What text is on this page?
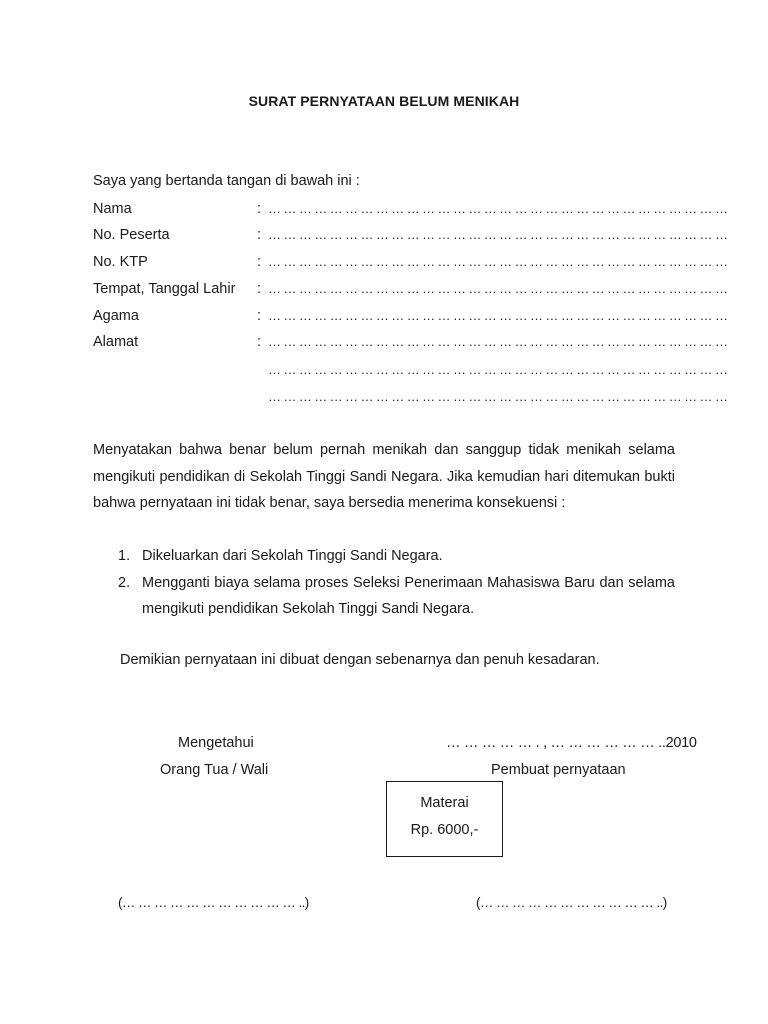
SURAT PERNYATAAN BELUM MENIKAH
Saya yang bertanda tangan di bawah ini :
Nama	: … … … … … … … … … … … … … … … … … … … … … … … … … … … … … …
No. Peserta	: … … … … … … … … … … … … … … … … … … … … … … … … … … … … … …
No. KTP	: … … … … … … … … … … … … … … … … … … … … … … … … … … … … … …
Tempat, Tanggal Lahir : … … … … … … … … … … … … … … … … … … … … … … … … … … … … … …
Agama	: … … … … … … … … … … … … … … … … … … … … … … … … … … … … … …
Alamat	: … … … … … … … … … … … … … … … … … … … … … … … … … … … … … …
… … … … … … … … … … … … … … … … … … … … … … … … … … … … … …
… … … … … … … … … … … … … … … … … … … … … … … … … … … … … …
Menyatakan bahwa benar belum pernah menikah dan sanggup tidak menikah selama mengikuti pendidikan di Sekolah Tinggi Sandi Negara. Jika kemudian hari ditemukan bukti bahwa pernyataan ini tidak benar, saya bersedia menerima konsekuensi :
1. Dikeluarkan dari Sekolah Tinggi Sandi Negara.
2. Mengganti biaya selama proses Seleksi Penerimaan Mahasiswa Baru dan selama mengikuti pendidikan Sekolah Tinggi Sandi Negara.
Demikian pernyataan ini dibuat dengan sebenarnya dan penuh kesadaran.
Mengetahui
Orang Tua / Wali
… … … … … . , … … … … … … ..2010
Pembuat pernyataan
Materai
Rp. 6000,-
(… … … … … … … … … … … ..)	(… … … … … … … … … … … ..)
